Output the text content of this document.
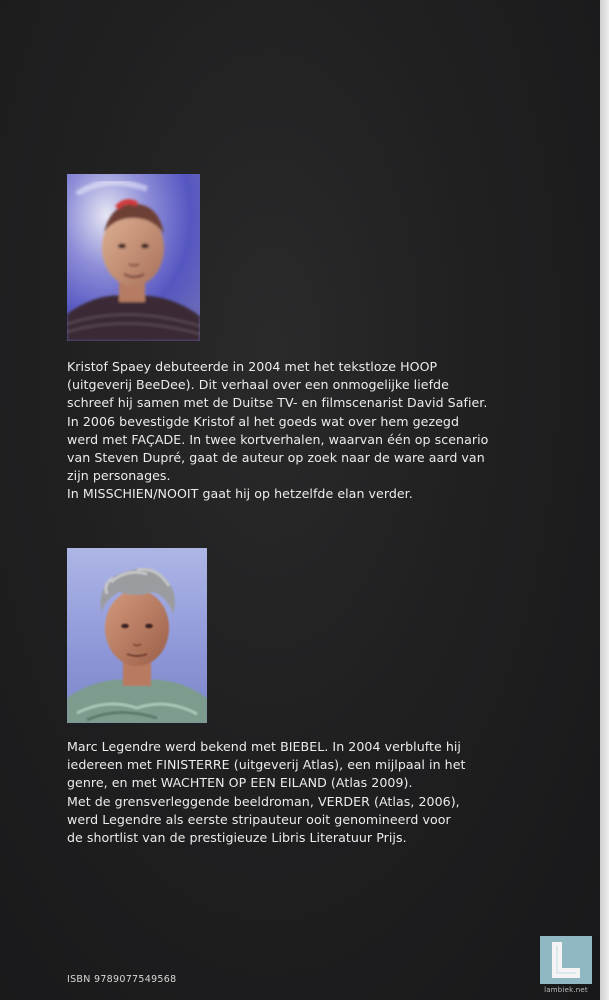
Kristof Spaey debuteerde in 2004 met het tekstloze HOOP
(uitgeverij BeeDee). Dit verhaal over een onmogelijke liefde
schreef hij samen met de Duitse TV- en filmscenarist David Safier.
In 2006 bevestigde Kristof al het goeds wat over hem gezegd
werd met FAÇADE. In twee kortverhalen, waarvan één op scenario
van Steven Dupré, gaat de auteur op zoek naar de ware aard van
zijn personages.
In MISSCHIEN/NOOIT gaat hij op hetzelfde elan verder.

Marc Legendre werd bekend met BIEBEL. In 2004 verblufte hij
iedereen met FINISTERRE (uitgeverij Atlas), een mijlpaal in het
genre, en met WACHTEN OP EEN EILAND (Atlas 2009).
Met de grensverleggende beeldroman, VERDER (Atlas, 2006),
werd Legendre als eerste stripauteur ooit genomineerd voor
de shortlist van de prestigieuze Libris Literatuur Prijs.

ISBN 9789077549568
lambiek.net
